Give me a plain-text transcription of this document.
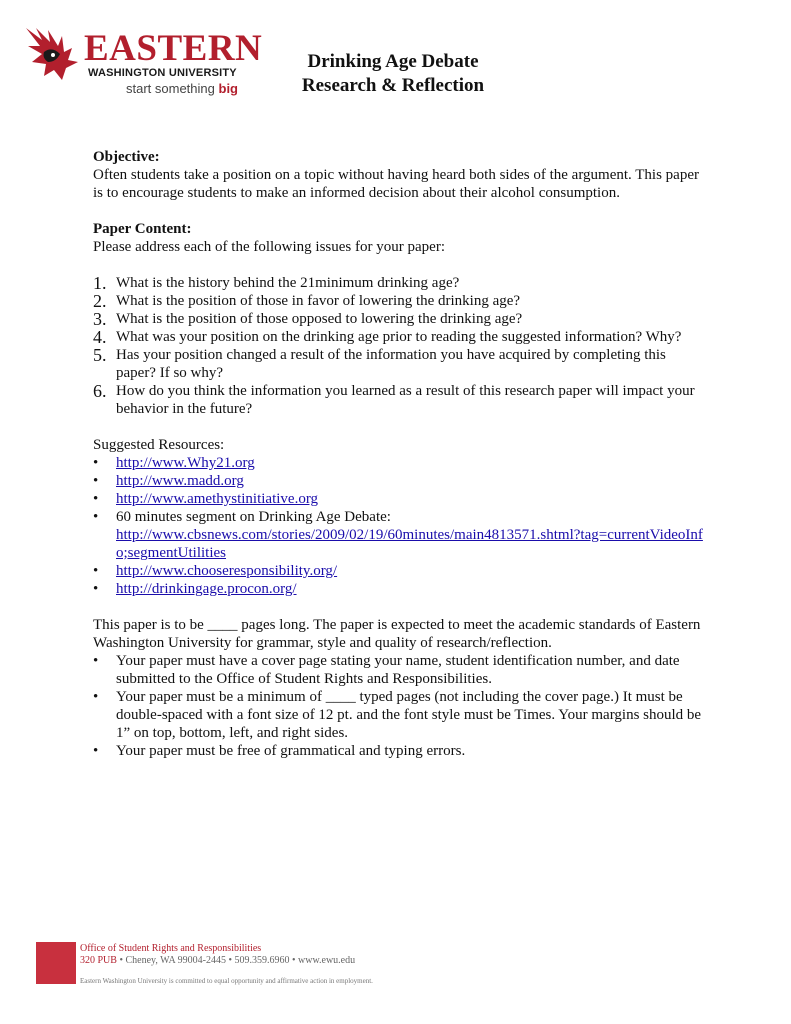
EASTERN
WASHINGTON UNIVERSITY
start something big
Drinking Age Debate
Research & Reflection

Objective:

Often students take a position on a topic without having heard both sides of the argument. This paper is to encourage students to make an informed decision about their alcohol consumption.

Paper Content:

Please address each of the following issues for your paper:

1. What is the history behind the 21minimum drinking age?
2. What is the position of those in favor of lowering the drinking age?
3. What is the position of those opposed to lowering the drinking age?
4. What was your position on the drinking age prior to reading the suggested information? Why?
5. Has your position changed a result of the information you have acquired by completing this paper? If so why?
6. How do you think the information you learned as a result of this research paper will impact your behavior in the future?

Suggested Resources:

• http://www.Why21.org
• http://www.madd.org
• http://www.amethystinitiative.org
• 60 minutes segment on Drinking Age Debate:
http://www.cbsnews.com/stories/2009/02/19/60minutes/main4813571.shtml?tag=currentVideoInfo;segmentUtilities
• http://www.chooseresponsibility.org/
• http://drinkingage.procon.org/

This paper is to be ____ pages long. The paper is expected to meet the academic standards of Eastern Washington University for grammar, style and quality of research/reflection.

• Your paper must have a cover page stating your name, student identification number, and date submitted to the Office of Student Rights and Responsibilities.
• Your paper must be a minimum of ____ typed pages (not including the cover page.) It must be double-spaced with a font size of 12 pt. and the font style must be Times. Your margins should be 1” on top, bottom, left, and right sides.
• Your paper must be free of grammatical and typing errors.
Office of Student Rights and Responsibilities
320 PUB • Cheney, WA 99004-2445 • 509.359.6960 • www.ewu.edu
Eastern Washington University is committed to equal opportunity and affirmative action in employment.
